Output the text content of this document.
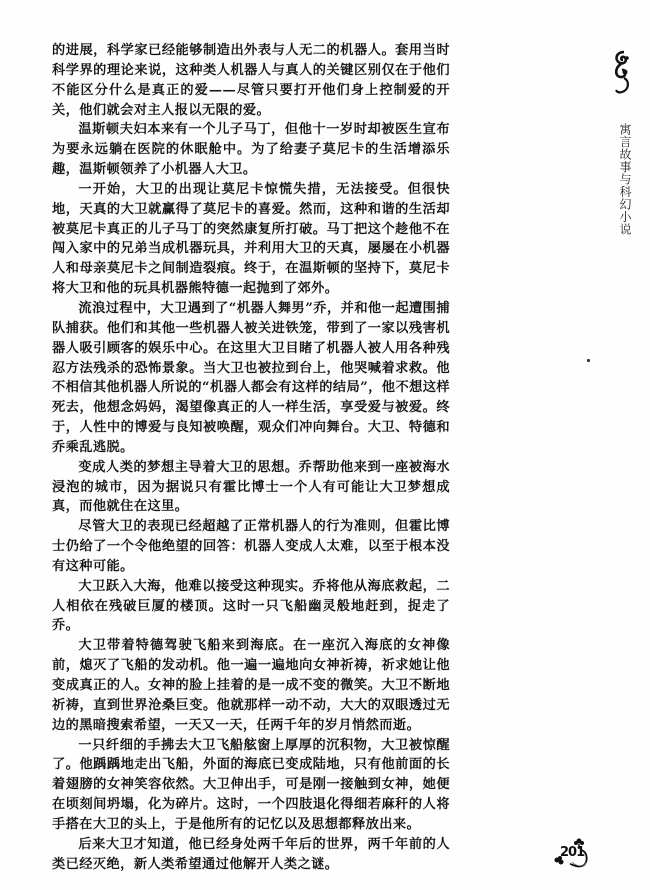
的进展，科学家已经能够制造出外表与人无二的机器人。套用当时科学界的理论来说，这种类人机器人与真人的关键区别仅在于他们不能区分什么是真正的爱——尽管只要打开他们身上控制爱的开关，他们就会对主人报以无限的爱。

温斯顿夫妇本来有一个儿子马丁，但他十一岁时却被医生宣布为要永远躺在医院的休眠舱中。为了给妻子莫尼卡的生活增添乐趣，温斯顿领养了小机器人大卫。

一开始，大卫的出现让莫尼卡惊慌失措，无法接受。但很快地，天真的大卫就赢得了莫尼卡的喜爱。然而，这种和谐的生活却被莫尼卡真正的儿子马丁的突然康复所打破。马丁把这个趁他不在闯入家中的兄弟当成机器玩具，并利用大卫的天真，屡屡在小机器人和母亲莫尼卡之间制造裂痕。终于，在温斯顿的坚持下，莫尼卡将大卫和他的玩具机器熊特德一起抛到了郊外。

流浪过程中，大卫遇到了“机器人舞男”乔，并和他一起遭围捕队捕获。他们和其他一些机器人被关进铁笼，带到了一家以残害机器人吸引顾客的娱乐中心。在这里大卫目睹了机器人被人用各种残忍方法残杀的恐怖景象。当大卫也被拉到台上，他哭喊着求救。他不相信其他机器人所说的“机器人都会有这样的结局”，他不想这样死去，他想念妈妈，渴望像真正的人一样生活，享受爱与被爱。终于，人性中的博爱与良知被唤醒，观众们冲向舞台。大卫、特德和乔乘乱逃脱。

变成人类的梦想主导着大卫的思想。乔帮助他来到一座被海水浸泡的城市，因为据说只有霍比博士一个人有可能让大卫梦想成真，而他就住在这里。

尽管大卫的表现已经超越了正常机器人的行为准则，但霍比博士仍给了一个令他绝望的回答：机器人变成人太难，以至于根本没有这种可能。

大卫跃入大海，他难以接受这种现实。乔将他从海底救起，二人相依在残破巨厦的楼顶。这时一只飞船幽灵般地赶到，捉走了乔。

大卫带着特德驾驶飞船来到海底。在一座沉入海底的女神像前，熄灭了飞船的发动机。他一遍一遍地向女神祈祷，祈求她让他变成真正的人。女神的脸上挂着的是一成不变的微笑。大卫不断地祈祷，直到世界沧桑巨变。他就那样一动不动，大大的双眼透过无边的黑暗搜索希望，一天又一天，任两千年的岁月悄然而逝。

一只纤细的手拂去大卫飞船舷窗上厚厚的沉积物，大卫被惊醒了。他踽踽地走出飞船，外面的海底已变成陆地，只有他前面的长着翅膀的女神笑容依然。大卫伸出手，可是刚一接触到女神，她便在顷刻间坍塌，化为碎片。这时，一个四肢退化得细若麻秆的人将手搭在大卫的头上，于是他所有的记忆以及思想都释放出来。

后来大卫才知道，他已经身处两千年后的世界，两千年前的人类已经灭绝，新人类希望通过他解开人类之谜。

寓言故事与科幻小说
201
